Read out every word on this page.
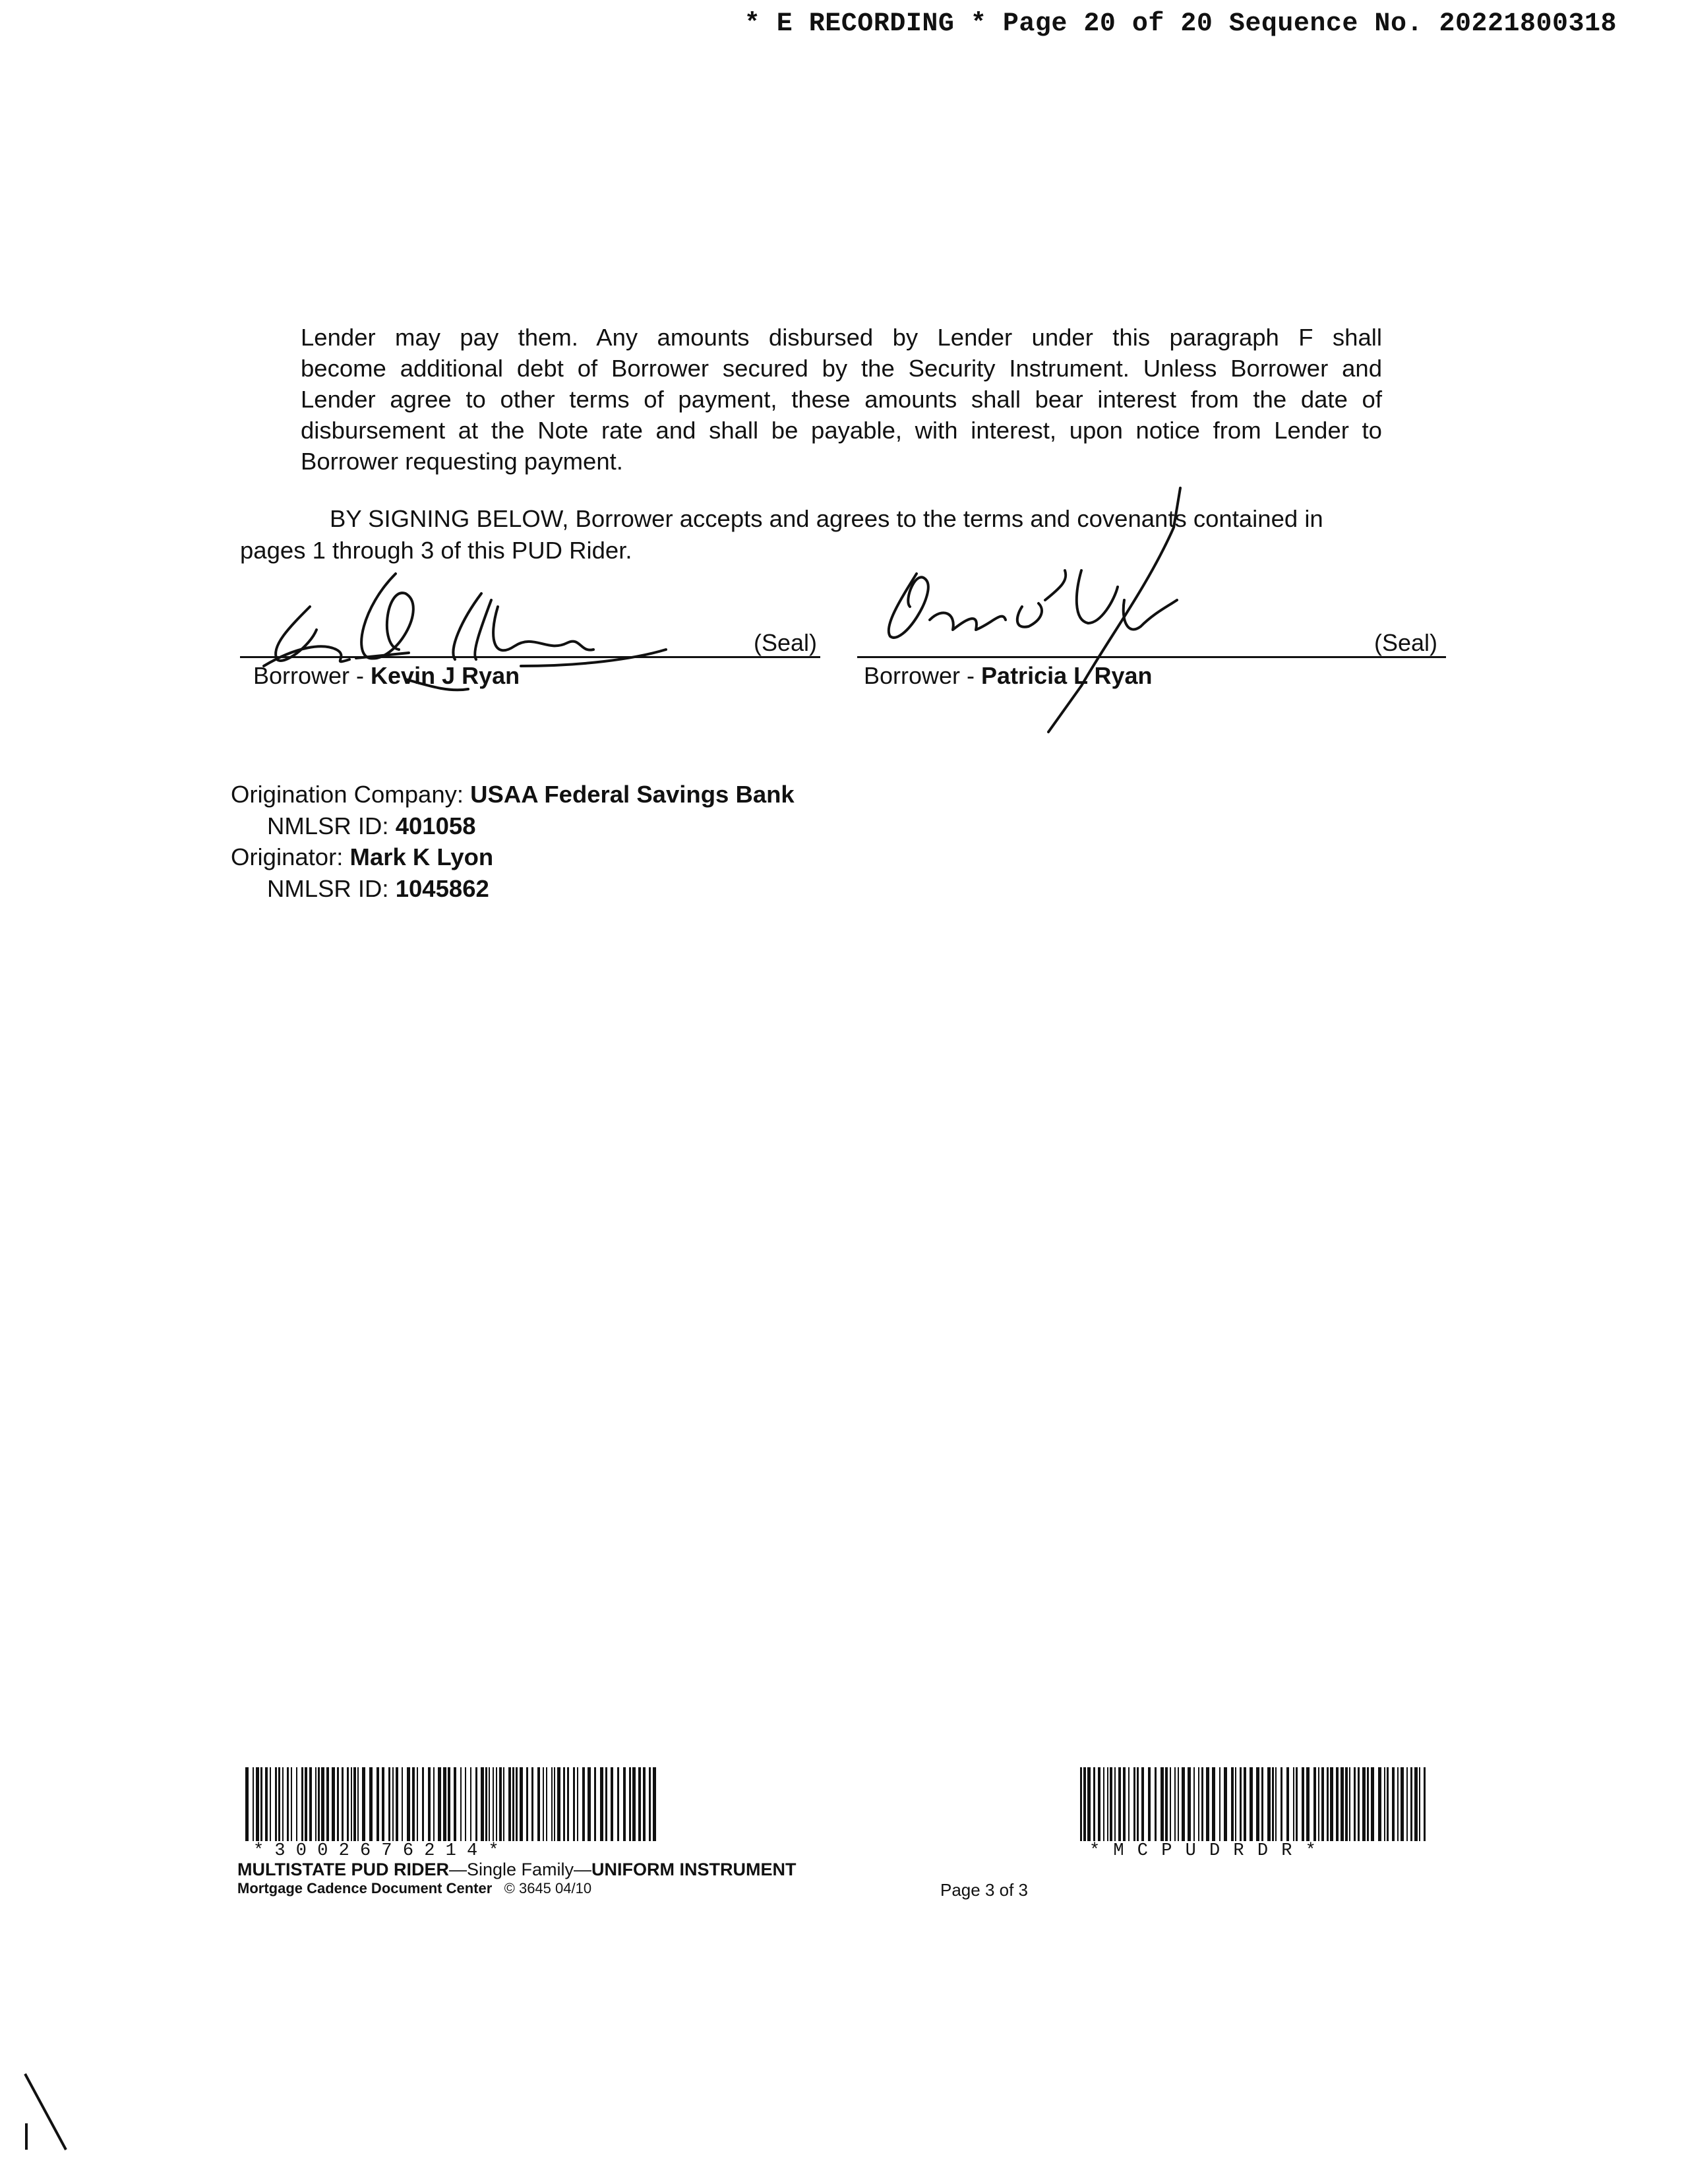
* E RECORDING * Page 20 of 20 Sequence No. 20221800318
Lender may pay them. Any amounts disbursed by Lender under this paragraph F shall
become additional debt of Borrower secured by the Security Instrument. Unless Borrower and
Lender agree to other terms of payment, these amounts shall bear interest from the date of
disbursement at the Note rate and shall be payable, with interest, upon notice from Lender to
Borrower requesting payment.
BY SIGNING BELOW, Borrower accepts and agrees to the terms and covenants contained in
pages 1 through 3 of this PUD Rider.
(Seal)
Borrower - Kevin J Ryan
(Seal)
Borrower - Patricia L Ryan
Origination Company: USAA Federal Savings Bank
NMLSR ID: 401058
Originator: Mark K Lyon
NMLSR ID: 1045862
* 3 0 0 2 6 7 6 2 1 4 *	* M C P U D R D R *
MULTISTATE PUD RIDER—Single Family—UNIFORM INSTRUMENT
Mortgage Cadence Document Center © 3645 04/10	Page 3 of 3
